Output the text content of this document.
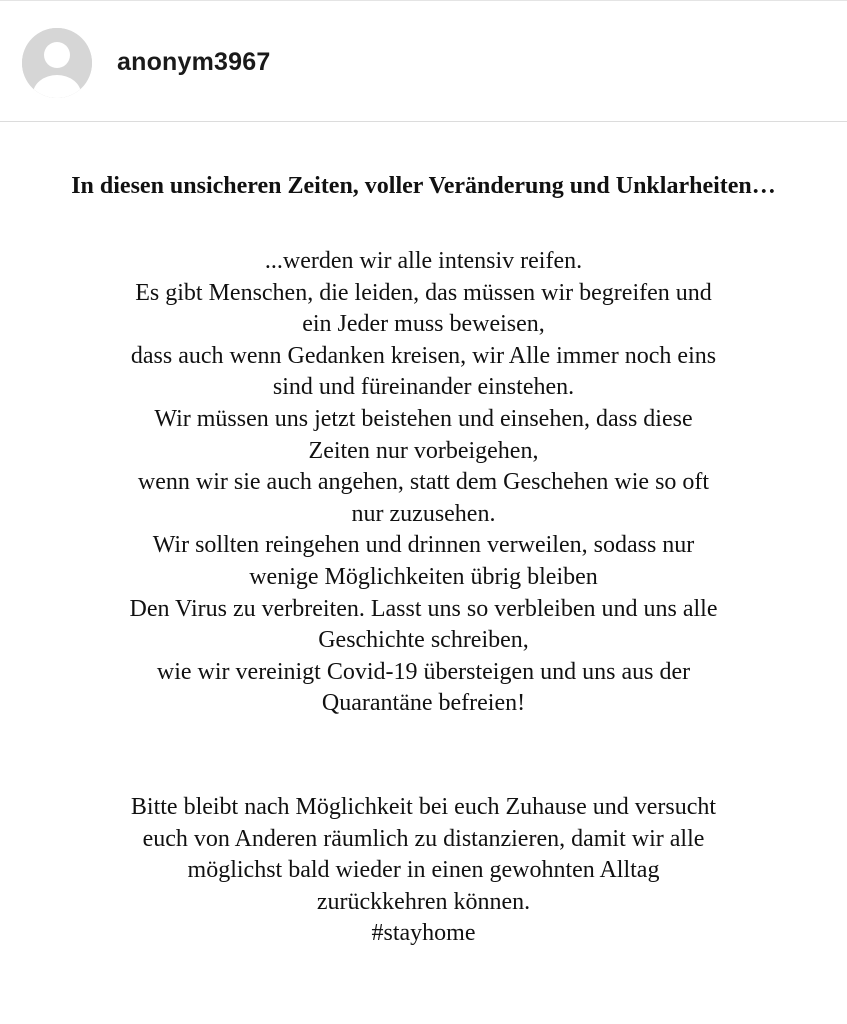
anonym3967
In diesen unsicheren Zeiten, voller Veränderung und Unklarheiten…
...werden wir alle intensiv reifen.
Es gibt Menschen, die leiden, das müssen wir begreifen und
ein Jeder muss beweisen,
dass auch wenn Gedanken kreisen, wir Alle immer noch eins
sind und füreinander einstehen.
Wir müssen uns jetzt beistehen und einsehen, dass diese
Zeiten nur vorbeigehen,
wenn wir sie auch angehen, statt dem Geschehen wie so oft
nur zuzusehen.
Wir sollten reingehen und drinnen verweilen, sodass nur
wenige Möglichkeiten übrig bleiben
Den Virus zu verbreiten. Lasst uns so verbleiben und uns alle
Geschichte schreiben,
wie wir vereinigt Covid-19 übersteigen und uns aus der
Quarantäne befreien!
Bitte bleibt nach Möglichkeit bei euch Zuhause und versucht
euch von Anderen räumlich zu distanzieren, damit wir alle
möglichst bald wieder in einen gewohnten Alltag
zurückkehren können.
#stayhome
